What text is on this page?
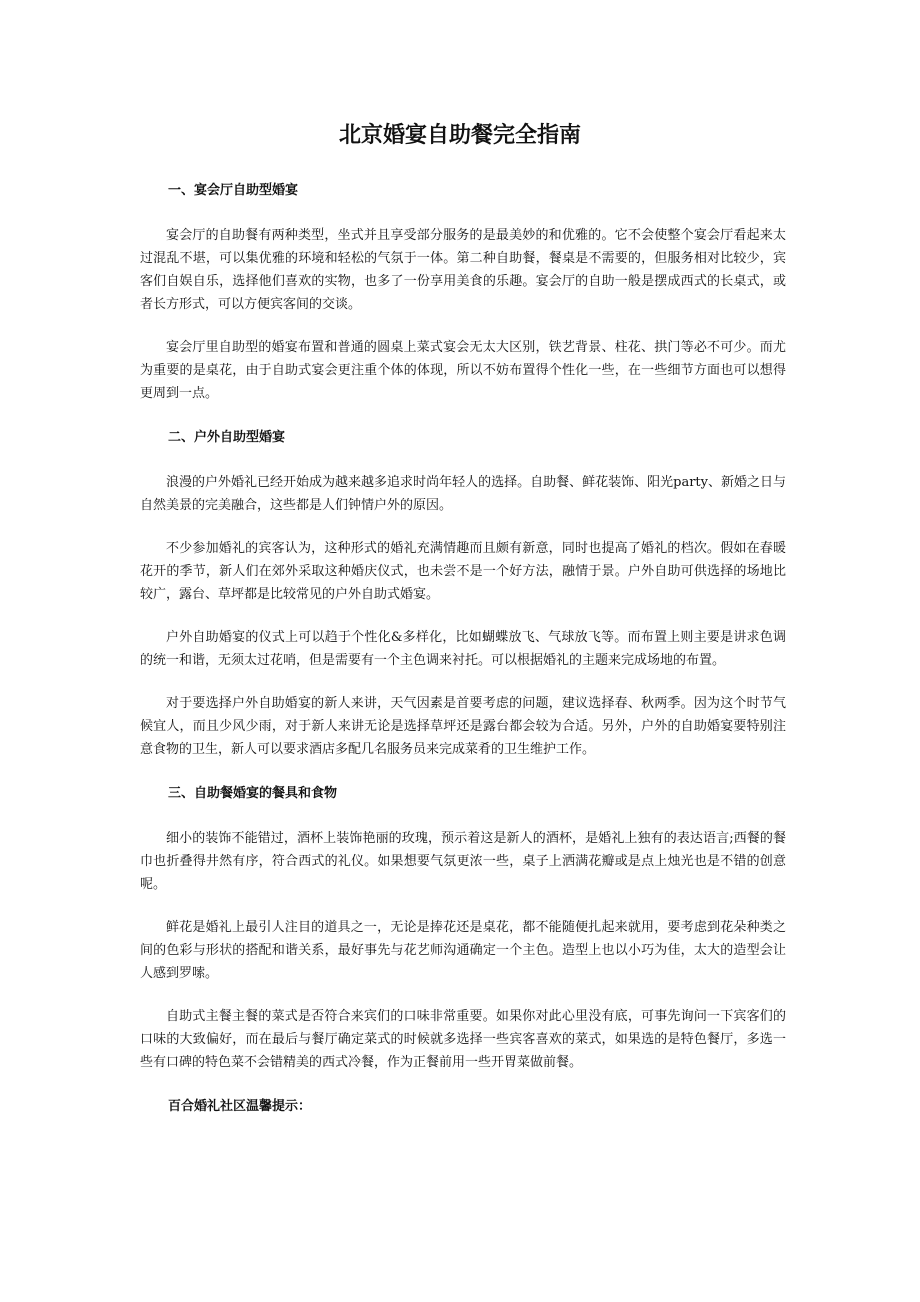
北京婚宴自助餐完全指南
一、宴会厅自助型婚宴

宴会厅的自助餐有两种类型，坐式并且享受部分服务的是最美妙的和优雅的。它不会使整个宴会厅看起来太过混乱不堪，可以集优雅的环境和轻松的气氛于一体。第二种自助餐，餐桌是不需要的，但服务相对比较少，宾客们自娱自乐，选择他们喜欢的实物，也多了一份享用美食的乐趣。宴会厅的自助一般是摆成西式的长桌式，或者长方形式，可以方便宾客间的交谈。

宴会厅里自助型的婚宴布置和普通的圆桌上菜式宴会无太大区别，铁艺背景、柱花、拱门等必不可少。而尤为重要的是桌花，由于自助式宴会更注重个体的体现，所以不妨布置得个性化一些，在一些细节方面也可以想得更周到一点。

二、户外自助型婚宴

浪漫的户外婚礼已经开始成为越来越多追求时尚年轻人的选择。自助餐、鲜花装饰、阳光party、新婚之日与自然美景的完美融合，这些都是人们钟情户外的原因。

不少参加婚礼的宾客认为，这种形式的婚礼充满情趣而且颇有新意，同时也提高了婚礼的档次。假如在春暖花开的季节，新人们在郊外采取这种婚庆仪式，也未尝不是一个好方法，融情于景。户外自助可供选择的场地比较广，露台、草坪都是比较常见的户外自助式婚宴。

户外自助婚宴的仪式上可以趋于个性化&多样化，比如蝴蝶放飞、气球放飞等。而布置上则主要是讲求色调的统一和谐，无须太过花哨，但是需要有一个主色调来衬托。可以根据婚礼的主题来完成场地的布置。

对于要选择户外自助婚宴的新人来讲，天气因素是首要考虑的问题，建议选择春、秋两季。因为这个时节气候宜人，而且少风少雨，对于新人来讲无论是选择草坪还是露台都会较为合适。另外，户外的自助婚宴要特别注意食物的卫生，新人可以要求酒店多配几名服务员来完成菜肴的卫生维护工作。

三、自助餐婚宴的餐具和食物

细小的装饰不能错过，酒杯上装饰艳丽的玫瑰，预示着这是新人的酒杯，是婚礼上独有的表达语言;西餐的餐巾也折叠得井然有序，符合西式的礼仪。如果想要气氛更浓一些，桌子上洒满花瓣或是点上烛光也是不错的创意呢。

鲜花是婚礼上最引人注目的道具之一，无论是捧花还是桌花，都不能随便扎起来就用，要考虑到花朵种类之间的色彩与形状的搭配和谐关系，最好事先与花艺师沟通确定一个主色。造型上也以小巧为佳，太大的造型会让人感到罗嗦。

自助式主餐主餐的菜式是否符合来宾们的口味非常重要。如果你对此心里没有底，可事先询问一下宾客们的口味的大致偏好，而在最后与餐厅确定菜式的时候就多选择一些宾客喜欢的菜式，如果选的是特色餐厅，多选一些有口碑的特色菜不会错精美的西式冷餐，作为正餐前用一些开胃菜做前餐。

百合婚礼社区温馨提示：
